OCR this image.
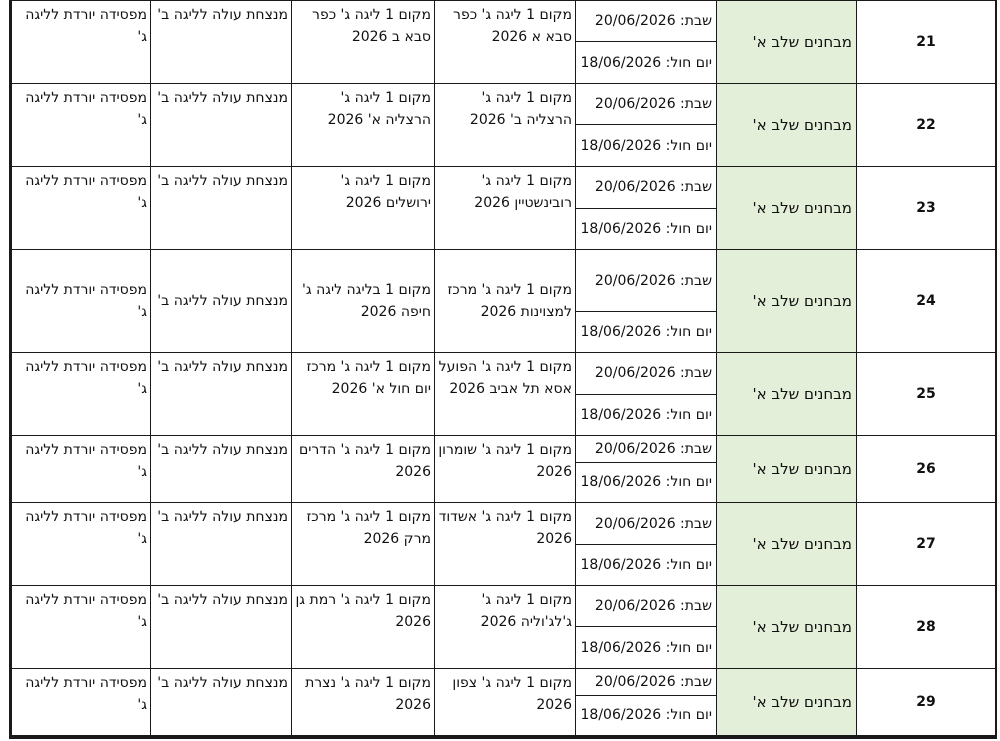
21	מבחנים שלב א'	שבת: 20/06/2026	מקום 1 ליגה ג' כפר סבא א 2026	מקום 1 ליגה ג' כפר סבא ב 2026	מנצחת עולה לליגה ב'	מפסידה יורדת לליגה ג'
		יום חול: 18/06/2026				
22	מבחנים שלב א'	שבת: 20/06/2026	מקום 1 ליגה ג' הרצליה ב' 2026	מקום 1 ליגה ג' הרצליה א' 2026	מנצחת עולה לליגה ב'	מפסידה יורדת לליגה ג'
		יום חול: 18/06/2026				
23	מבחנים שלב א'	שבת: 20/06/2026	מקום 1 ליגה ג' רובינשטיין 2026	מקום 1 ליגה ג' ירושלים 2026	מנצחת עולה לליגה ב'	מפסידה יורדת לליגה ג'
		יום חול: 18/06/2026				
24	מבחנים שלב א'	שבת: 20/06/2026	מקום 1 ליגה ג' מרכז למצוינות 2026	מקום 1 בליגה ליגה ג' חיפה 2026	מנצחת עולה לליגה ב'	מפסידה יורדת לליגה ג'
		יום חול: 18/06/2026				
25	מבחנים שלב א'	שבת: 20/06/2026	מקום 1 ליגה ג' הפועל אסא תל אביב 2026	מקום 1 ליגה ג' מרכז יום חול א' 2026	מנצחת עולה לליגה ב'	מפסידה יורדת לליגה ג'
		יום חול: 18/06/2026				
26	מבחנים שלב א'	שבת: 20/06/2026	מקום 1 ליגה ג' שומרון 2026	מקום 1 ליגה ג' הדרים 2026	מנצחת עולה לליגה ב'	מפסידה יורדת לליגה ג'
		יום חול: 18/06/2026				
27	מבחנים שלב א'	שבת: 20/06/2026	מקום 1 ליגה ג' אשדוד 2026	מקום 1 ליגה ג' מרכז מרק 2026	מנצחת עולה לליגה ב'	מפסידה יורדת לליגה ג'
		יום חול: 18/06/2026				
28	מבחנים שלב א'	שבת: 20/06/2026	מקום 1 ליגה ג' ג'לג'וליה 2026	מקום 1 ליגה ג' רמת גן 2026	מנצחת עולה לליגה ב'	מפסידה יורדת לליגה ג'
		יום חול: 18/06/2026				
29	מבחנים שלב א'	שבת: 20/06/2026	מקום 1 ליגה ג' צפון 2026	מקום 1 ליגה ג' נצרת 2026	מנצחת עולה לליגה ב'	מפסידה יורדת לליגה ג'
		יום חול: 18/06/2026				
